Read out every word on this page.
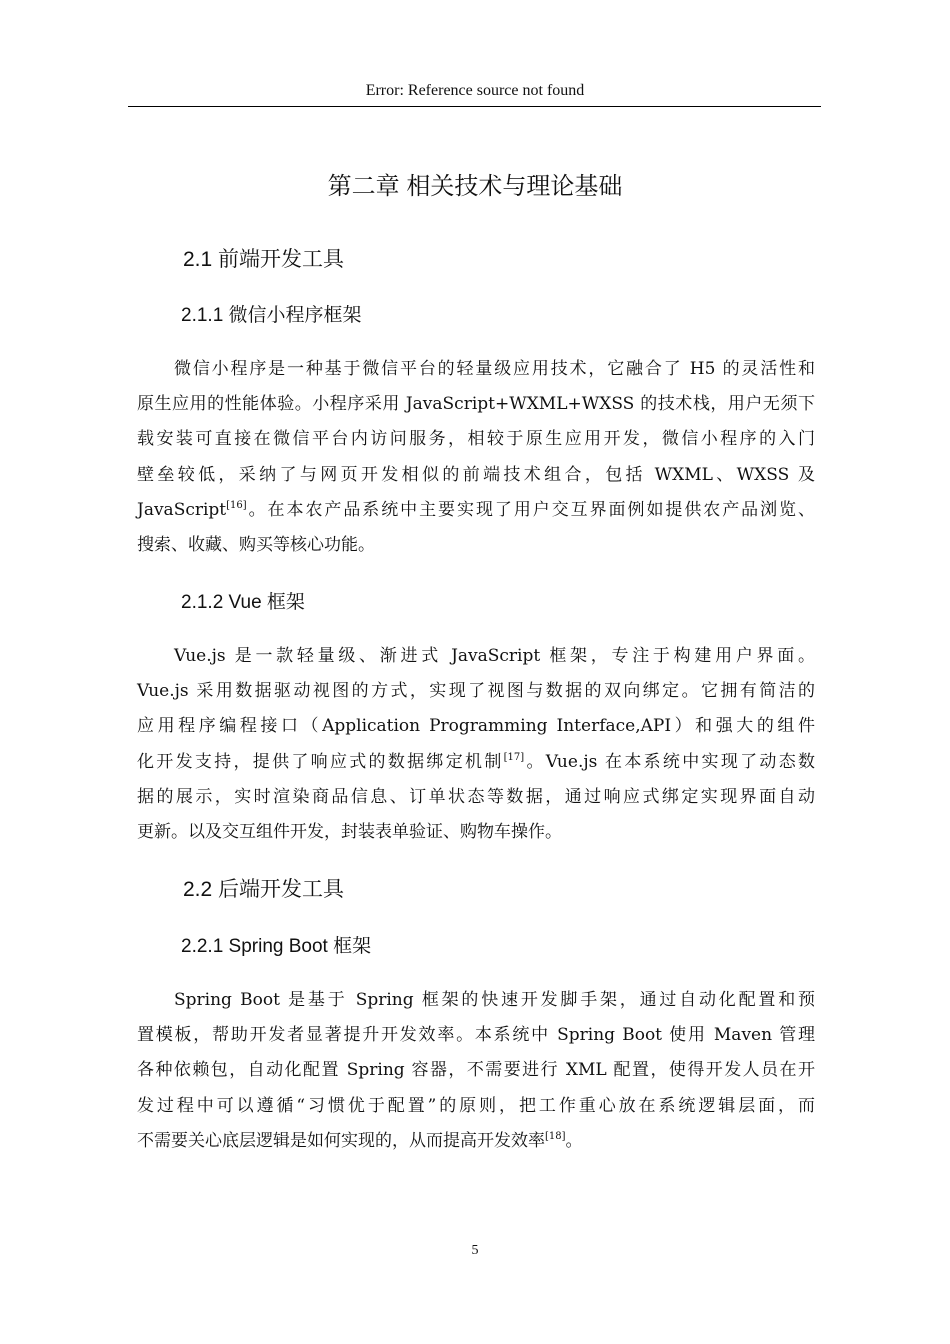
Error: Reference source not found
第二章 相关技术与理论基础
2.1 前端开发工具
2.1.1 微信小程序框架
微信小程序是一种基于微信平台的轻量级应用技术，它融合了 H5 的灵活性和
原生应用的性能体验。小程序采用 JavaScript+WXML+WXSS 的技术栈，用户无须下
载安装可直接在微信平台内访问服务，相较于原生应用开发，微信小程序的入门
壁垒较低，采纳了与网页开发相似的前端技术组合，包括 WXML、WXSS 及
JavaScript[16]。在本农产品系统中主要实现了用户交互界面例如提供农产品浏览、
搜索、收藏、购买等核心功能。
2.1.2 Vue 框架
Vue.js 是一款轻量级、渐进式 JavaScript 框架，专注于构建用户界面。
Vue.js 采用数据驱动视图的方式，实现了视图与数据的双向绑定。它拥有简洁的
应用程序编程接口（Application Programming Interface,API）和强大的组件
化开发支持，提供了响应式的数据绑定机制[17]。Vue.js 在本系统中实现了动态数
据的展示，实时渲染商品信息、订单状态等数据，通过响应式绑定实现界面自动
更新。以及交互组件开发，封装表单验证、购物车操作。
2.2 后端开发工具
2.2.1 Spring Boot 框架
Spring Boot 是基于 Spring 框架的快速开发脚手架，通过自动化配置和预
置模板，帮助开发者显著提升开发效率。本系统中 Spring Boot 使用 Maven 管理
各种依赖包，自动化配置 Spring 容器，不需要进行 XML 配置，使得开发人员在开
发过程中可以遵循“习惯优于配置”的原则，把工作重心放在系统逻辑层面，而
不需要关心底层逻辑是如何实现的，从而提高开发效率[18]。
5
